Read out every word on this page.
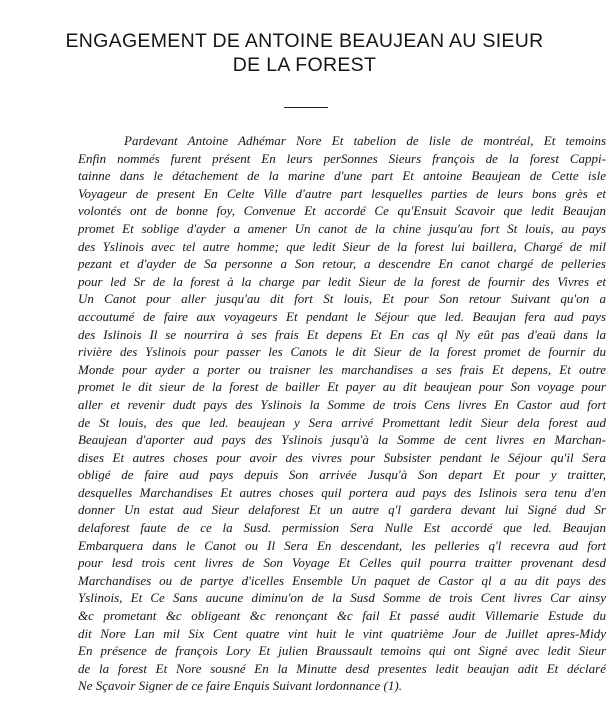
ENGAGEMENT DE ANTOINE BEAUJEAN AU SIEUR
DE LA FOREST
Pardevant Antoine Adhémar Nore Et tabelion de lisle de montréal, Et temoins
Enfin nommés furent présent En leurs perSonnes Sieurs françois de la forest Cappi-
tainne dans le détachement de la marine d'une part Et antoine Beaujean de Cette isle
Voyageur de present En Celte Ville d'autre part lesquelles parties de leurs bons grès et
volontés ont de bonne foy, Convenue Et accordé Ce qu'Ensuit Scavoir que ledit Beaujan
promet Et soblige d'ayder a amener Un canot de la chine jusqu'au fort St louis, au pays
des Yslinois avec tel autre homme; que ledit Sieur de la forest lui baillera, Chargé de mil
pezant et d'ayder de Sa personne a Son retour, a descendre En canot chargé de pelleries
pour led Sr de la forest à la charge par ledit Sieur de la forest de fournir des Vivres et
Un Canot pour aller jusqu'au dit fort St louis, Et pour Son retour Suivant qu'on a
accoutumé de faire aux voyageurs Et pendant le Séjour que led. Beaujan fera aud pays
des Islinois Il se nourrira à ses frais Et depens Et En cas ql Ny eût pas d'eaü dans la
rivière des Yslinois pour passer les Canots le dit Sieur de la forest promet de fournir du
Monde pour ayder a porter ou traisner les marchandises a ses frais Et depens, Et outre
promet le dit sieur de la forest de bailler Et payer au dit beaujean pour Son voyage pour
aller et revenir dudt pays des Yslinois la Somme de trois Cens livres En Castor aud fort
de St louis, des que led. beaujean y Sera arrivé Promettant ledit Sieur dela forest aud
Beaujean d'aporter aud pays des Yslinois jusqu'à la Somme de cent livres en Marchan-
dises Et autres choses pour avoir des vivres pour Subsister pendant le Séjour qu'il Sera
obligé de faire aud pays depuis Son arrivée Jusqu'à Son depart Et pour y traitter,
desquelles Marchandises Et autres choses quil portera aud pays des Islinois sera tenu d'en
donner Un estat aud Sieur delaforest Et un autre q'l gardera devant lui Signé dud Sr
delaforest faute de ce la Susd. permission Sera Nulle Est accordé que led. Beaujan
Embarquera dans le Canot ou Il Sera En descendant, les pelleries q'l recevra aud fort
pour lesd trois cent livres de Son Voyage Et Celles quil pourra traitter provenant desd
Marchandises ou de partye d'icelles Ensemble Un paquet de Castor ql a au dit pays des
Yslinois, Et Ce Sans aucune diminu'on de la Susd Somme de trois Cent livres Car ainsy
&c prometant &c obligeant &c renonçant &c fail Et passé audit Villemarie Estude du
dit Nore Lan mil Six Cent quatre vint huit le vint quatrième Jour de Juillet apres-Midy
En présence de françois Lory Et julien Braussault temoins qui ont Signé avec ledit Sieur
de la forest Et Nore sousné En la Minutte desd presentes ledit beaujan adit Et déclaré
Ne Sçavoir Signer de ce faire Enquis Suivant lordonnance (1).
